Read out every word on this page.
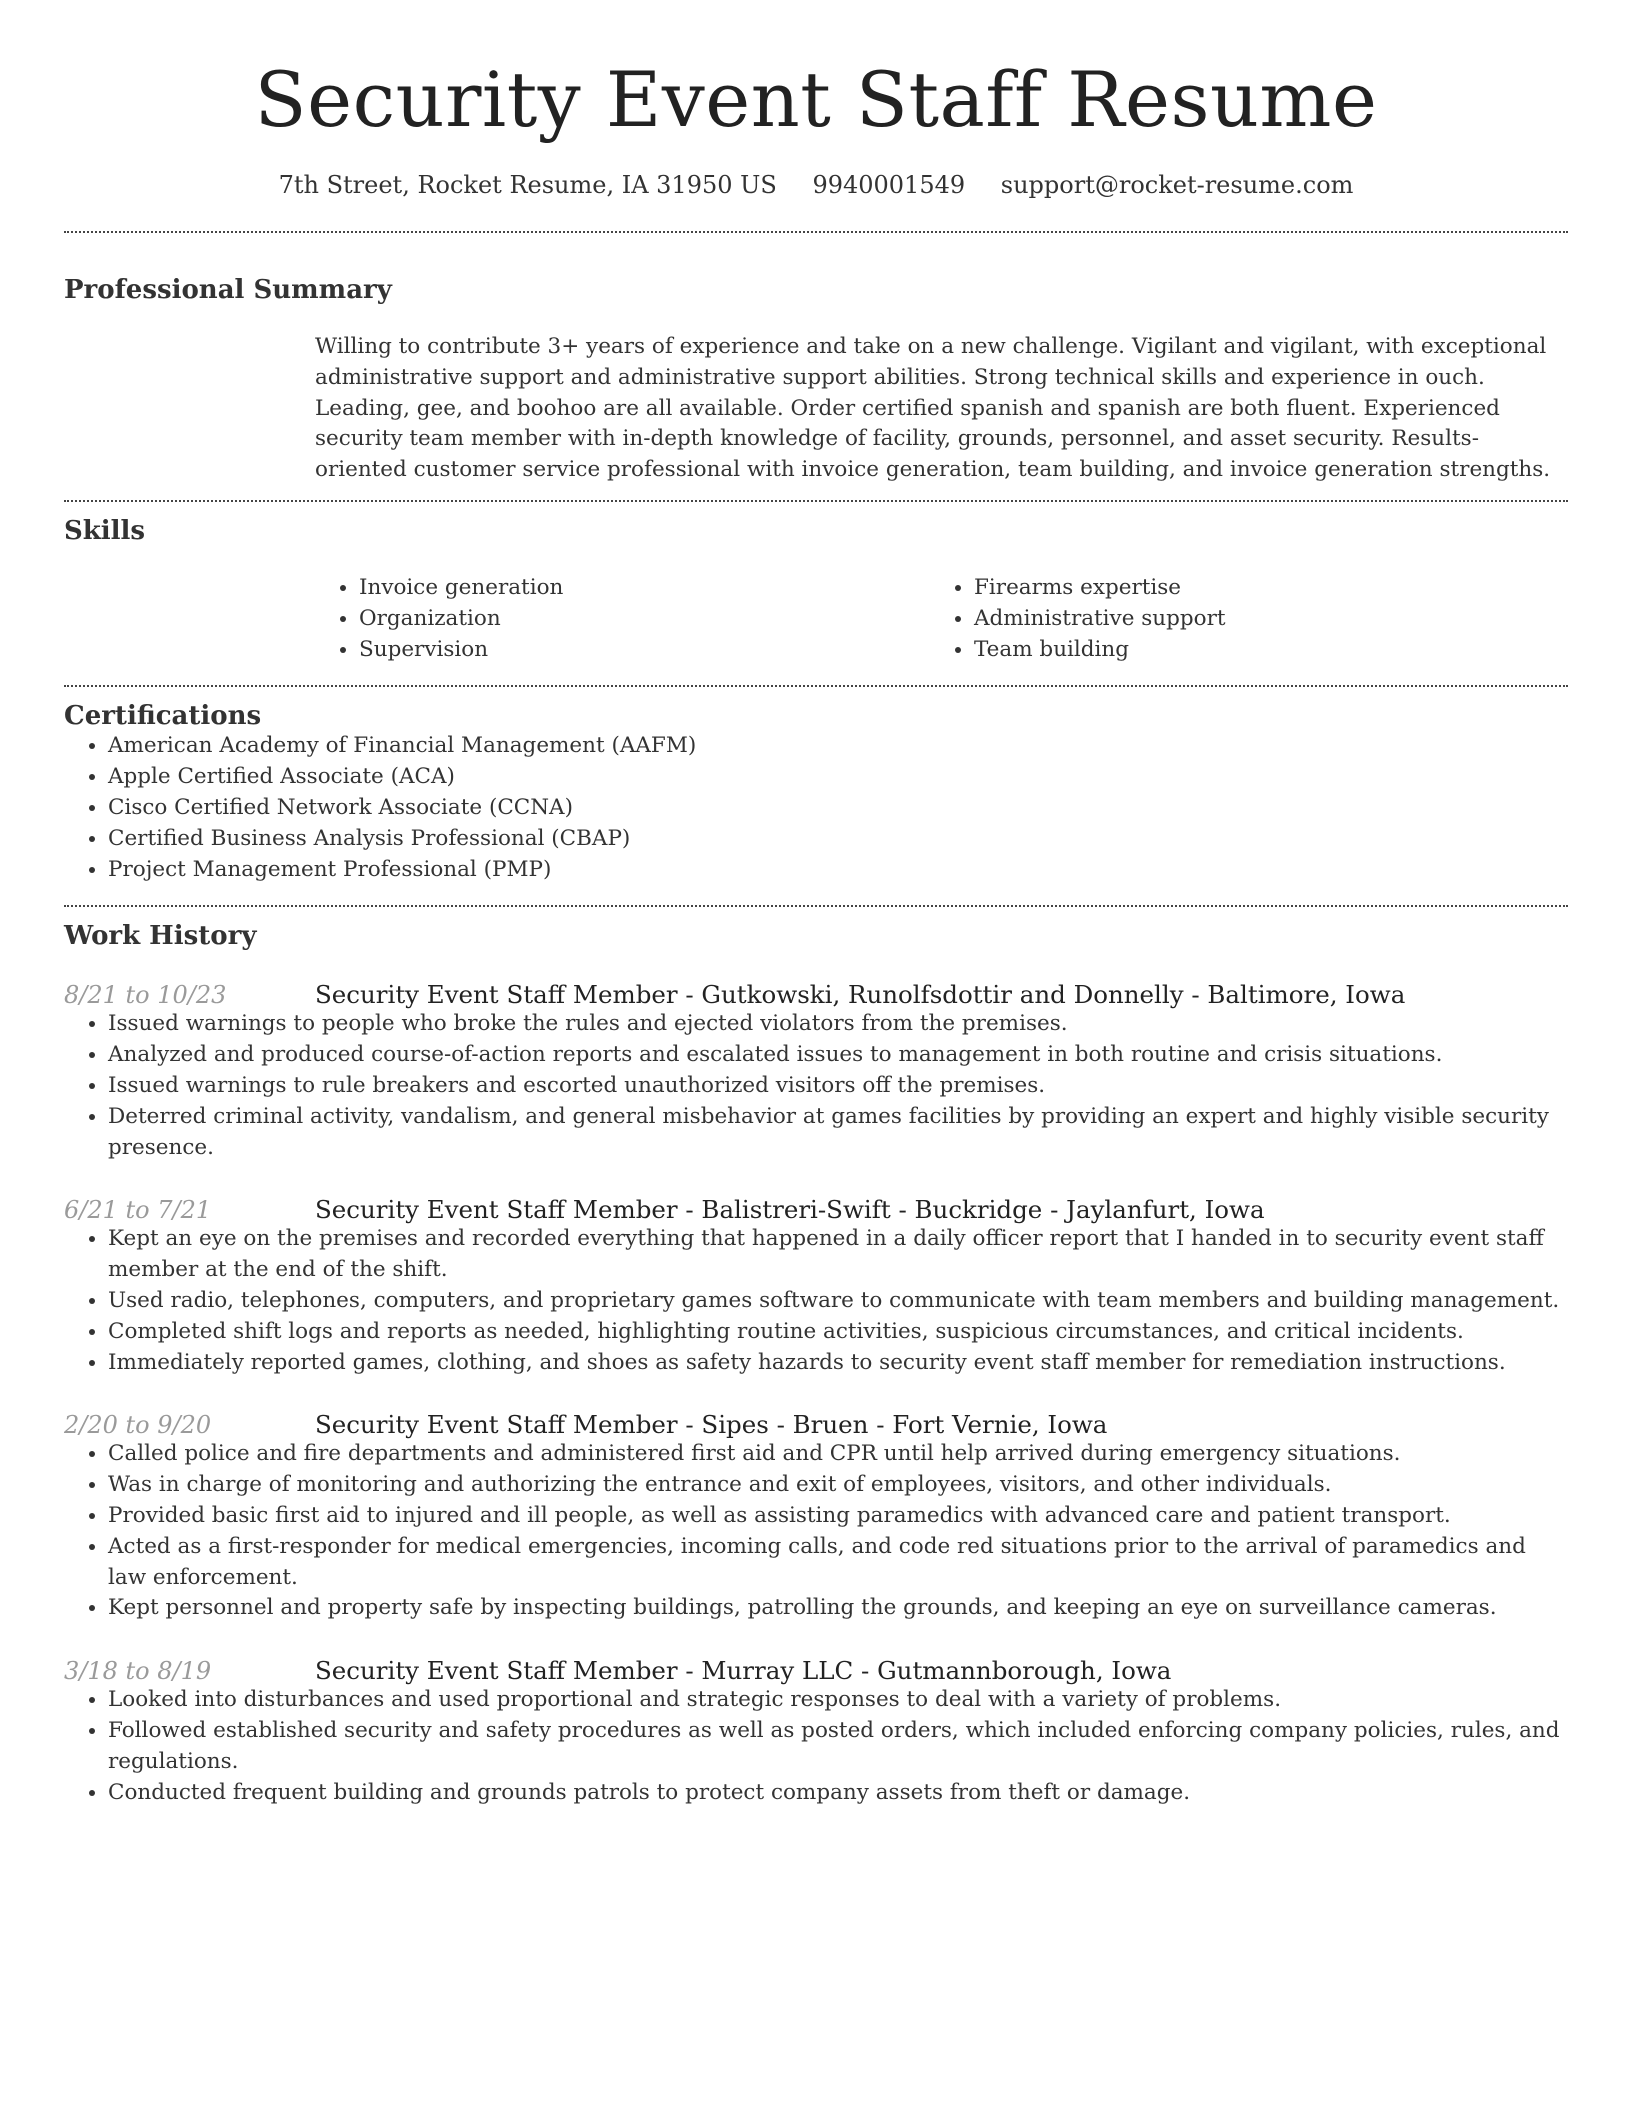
Security Event Staff Resume
7th Street, Rocket Resume, IA 31950 US 9940001549 support@rocket-resume.com
Professional Summary

Willing to contribute 3+ years of experience and take on a new challenge. Vigilant and vigilant, with exceptional administrative support and administrative support abilities. Strong technical skills and experience in ouch. Leading, gee, and boohoo are all available. Order certified spanish and spanish are both fluent. Experienced security team member with in-depth knowledge of facility, grounds, personnel, and asset security. Results-oriented customer service professional with invoice generation, team building, and invoice generation strengths.

Skills
• Invoice generation
• Organization
• Supervision
• Firearms expertise
• Administrative support
• Team building
Certifications
• American Academy of Financial Management (AAFM)
• Apple Certified Associate (ACA)
• Cisco Certified Network Associate (CCNA)
• Certified Business Analysis Professional (CBAP)
• Project Management Professional (PMP)
Work History
8/21 to 10/23	Security Event Staff Member - Gutkowski, Runolfsdottir and Donnelly - Baltimore, Iowa
• Issued warnings to people who broke the rules and ejected violators from the premises.
• Analyzed and produced course-of-action reports and escalated issues to management in both routine and crisis situations.
• Issued warnings to rule breakers and escorted unauthorized visitors off the premises.
• Deterred criminal activity, vandalism, and general misbehavior at games facilities by providing an expert and highly visible security presence.
6/21 to 7/21	Security Event Staff Member - Balistreri-Swift - Buckridge - Jaylanfurt, Iowa
• Kept an eye on the premises and recorded everything that happened in a daily officer report that I handed in to security event staff member at the end of the shift.
• Used radio, telephones, computers, and proprietary games software to communicate with team members and building management.
• Completed shift logs and reports as needed, highlighting routine activities, suspicious circumstances, and critical incidents.
• Immediately reported games, clothing, and shoes as safety hazards to security event staff member for remediation instructions.
2/20 to 9/20	Security Event Staff Member - Sipes - Bruen - Fort Vernie, Iowa
• Called police and fire departments and administered first aid and CPR until help arrived during emergency situations.
• Was in charge of monitoring and authorizing the entrance and exit of employees, visitors, and other individuals.
• Provided basic first aid to injured and ill people, as well as assisting paramedics with advanced care and patient transport.
• Acted as a first-responder for medical emergencies, incoming calls, and code red situations prior to the arrival of paramedics and law enforcement.
• Kept personnel and property safe by inspecting buildings, patrolling the grounds, and keeping an eye on surveillance cameras.
3/18 to 8/19	Security Event Staff Member - Murray LLC - Gutmannborough, Iowa
• Looked into disturbances and used proportional and strategic responses to deal with a variety of problems.
• Followed established security and safety procedures as well as posted orders, which included enforcing company policies, rules, and regulations.
• Conducted frequent building and grounds patrols to protect company assets from theft or damage.
